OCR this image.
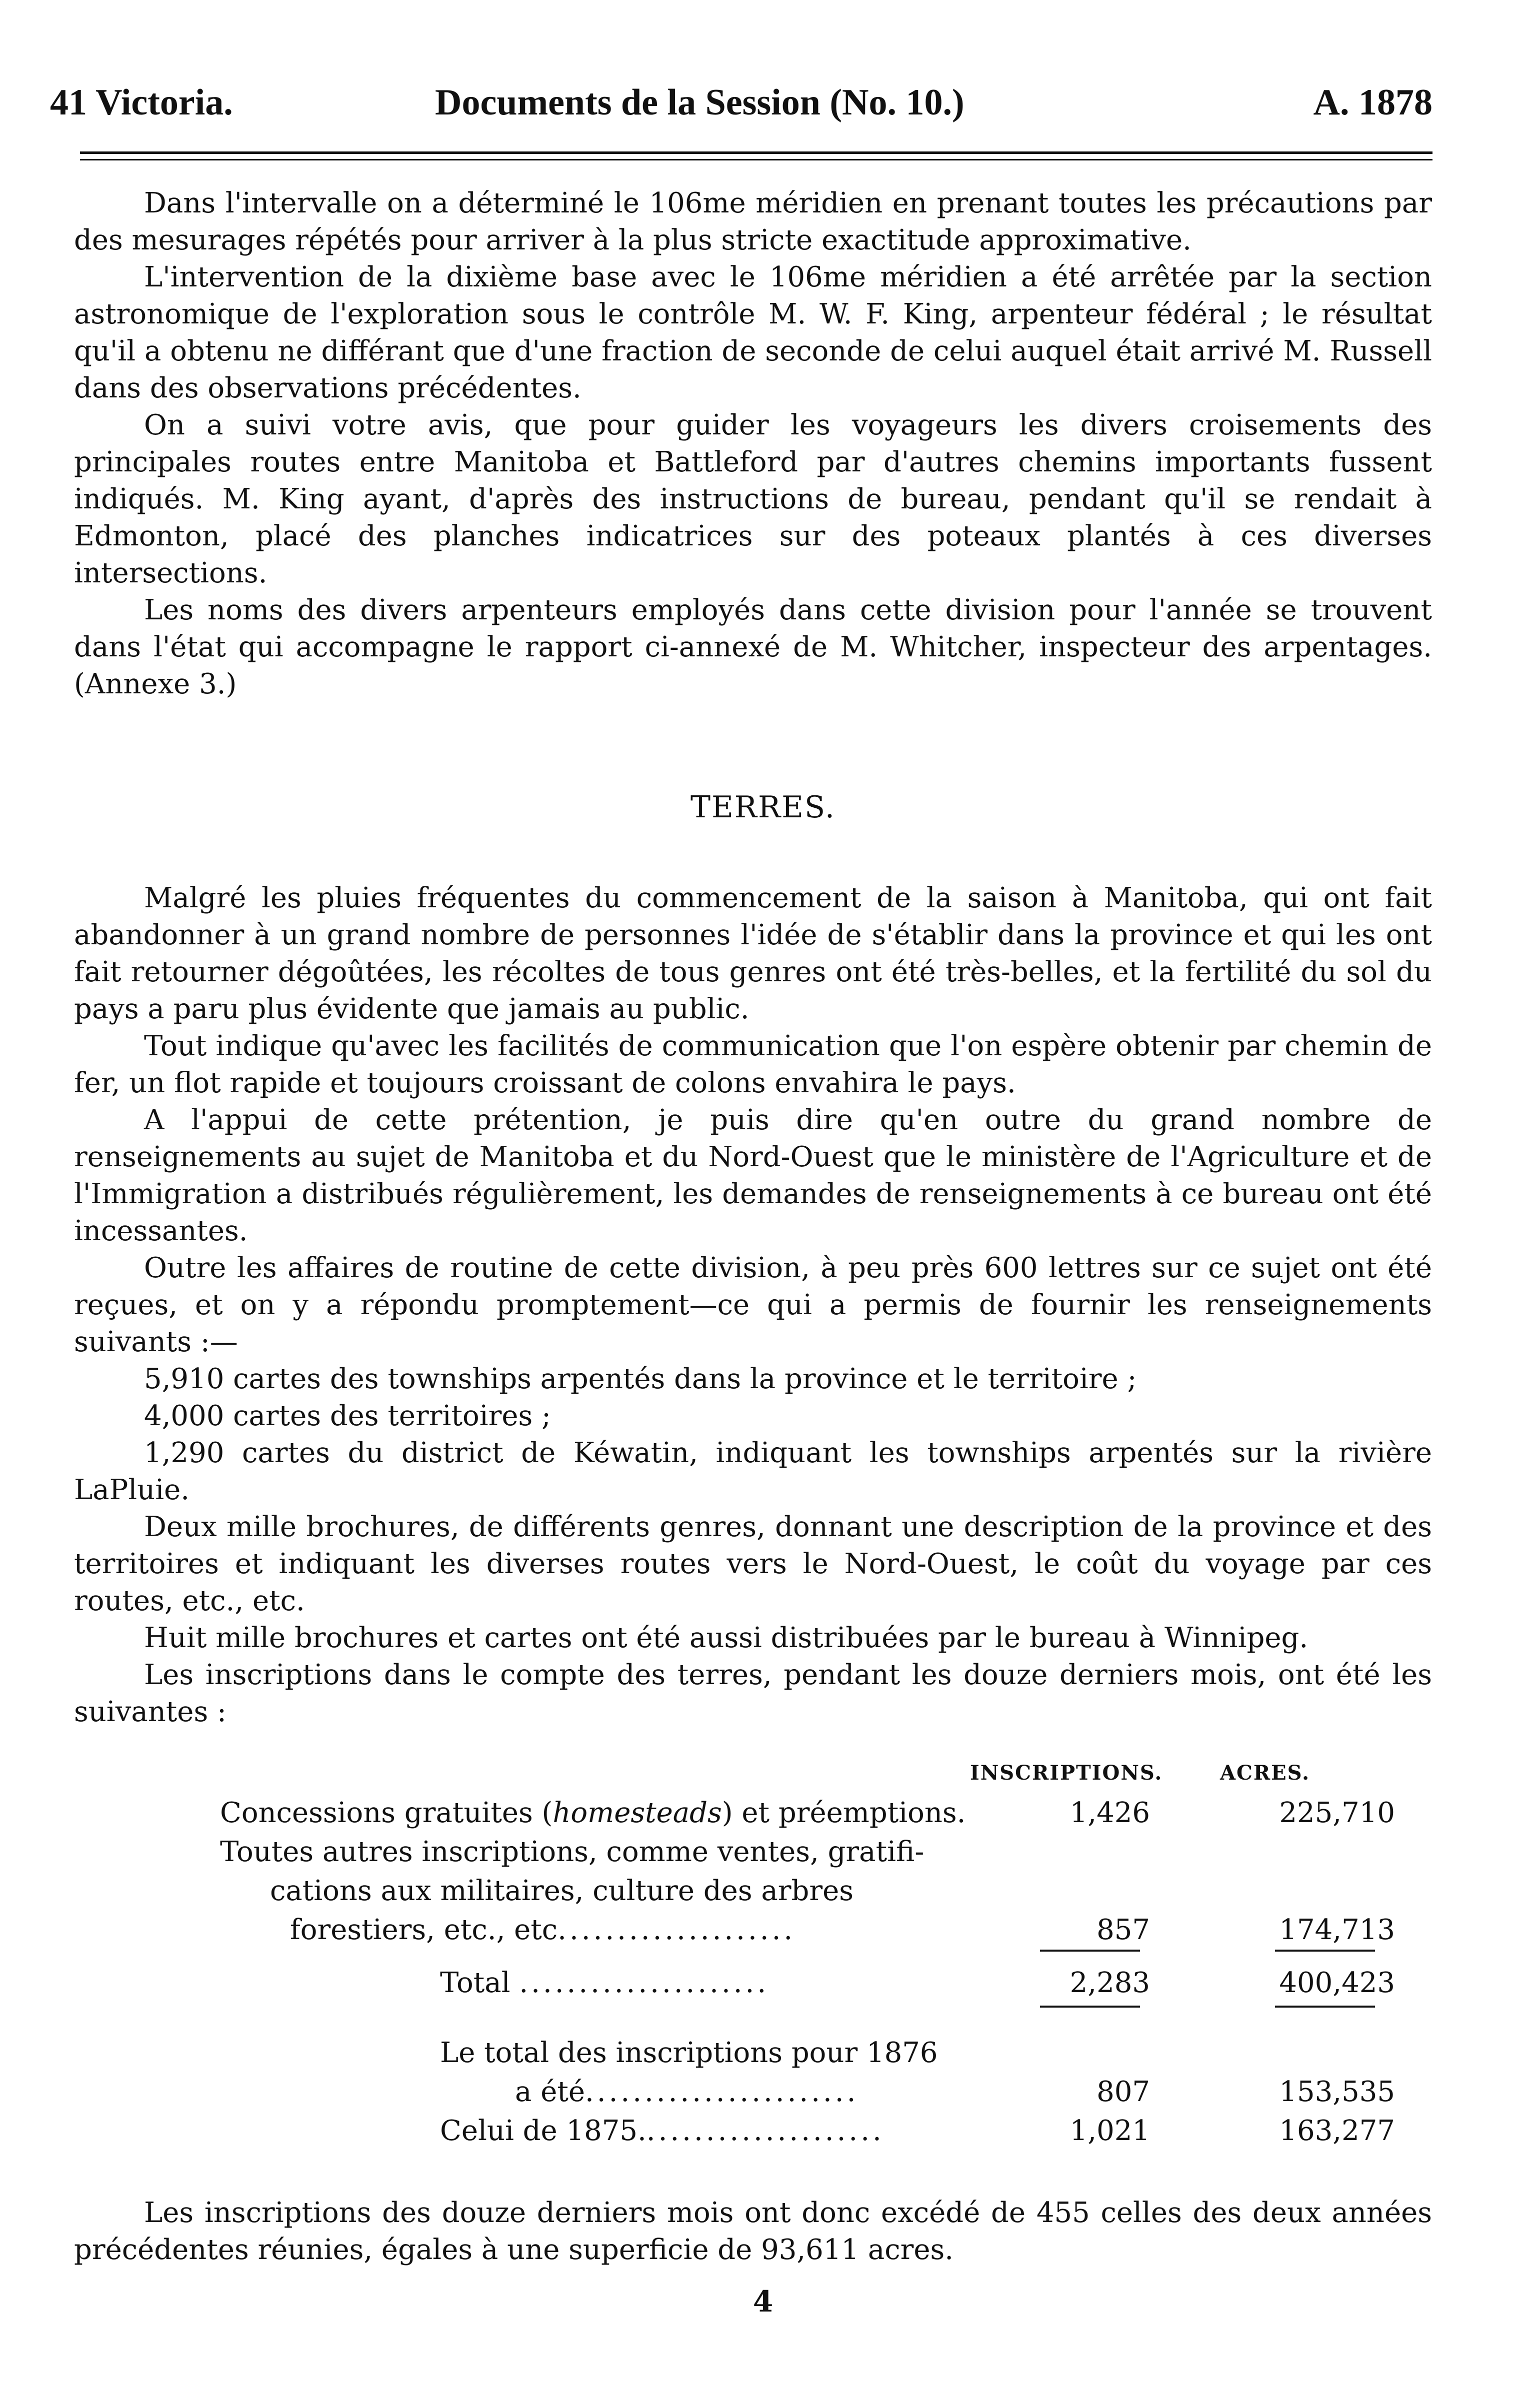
41 Victoria.	Documents de la Session (No. 10.)	A. 1878

Dans l'intervalle on a déterminé le 106me méridien en prenant toutes les précautions par des mesurages répétés pour arriver à la plus stricte exactitude approximative.

L'intervention de la dixième base avec le 106me méridien a été arrêtée par la section astronomique de l'exploration sous le contrôle M. W. F. King, arpenteur fédéral ; le résultat qu'il a obtenu ne différant que d'une fraction de seconde de celui auquel était arrivé M. Russell dans des observations précédentes.

On a suivi votre avis, que pour guider les voyageurs les divers croisements des principales routes entre Manitoba et Battleford par d'autres chemins importants fussent indiqués. M. King ayant, d'après des instructions de bureau, pendant qu'il se rendait à Edmonton, placé des planches indicatrices sur des poteaux plantés à ces diverses intersections.

Les noms des divers arpenteurs employés dans cette division pour l'année se trouvent dans l'état qui accompagne le rapport ci-annexé de M. Whitcher, inspecteur des arpentages. (Annexe 3.)

TERRES.

Malgré les pluies fréquentes du commencement de la saison à Manitoba, qui ont fait abandonner à un grand nombre de personnes l'idée de s'établir dans la province et qui les ont fait retourner dégoûtées, les récoltes de tous genres ont été très-belles, et la fertilité du sol du pays a paru plus évidente que jamais au public.

Tout indique qu'avec les facilités de communication que l'on espère obtenir par chemin de fer, un flot rapide et toujours croissant de colons envahira le pays.

A l'appui de cette prétention, je puis dire qu'en outre du grand nombre de renseignements au sujet de Manitoba et du Nord-Ouest que le ministère de l'Agriculture et de l'Immigration a distribués régulièrement, les demandes de renseignements à ce bureau ont été incessantes.

Outre les affaires de routine de cette division, à peu près 600 lettres sur ce sujet ont été reçues, et on y a répondu promptement—ce qui a permis de fournir les renseignements suivants :—

5,910 cartes des townships arpentés dans la province et le territoire ;

4,000 cartes des territoires ;

1,290 cartes du district de Kéwatin, indiquant les townships arpentés sur la rivière LaPluie.

Deux mille brochures, de différents genres, donnant une description de la province et des territoires et indiquant les diverses routes vers le Nord-Ouest, le coût du voyage par ces routes, etc., etc.

Huit mille brochures et cartes ont été aussi distribuées par le bureau à Winnipeg.

Les inscriptions dans le compte des terres, pendant les douze derniers mois, ont été les suivantes :

INSCRIPTIONS.	ACRES.
Concessions gratuites (homesteads) et préemptions.	1,426	225,710
Toutes autres inscriptions, comme ventes, gratifi-
cations aux militaires, culture des arbres
forestiers, etc., etc....................	857	174,713
Total .....................	2,283	400,423
Le total des inscriptions pour 1876
a été.......................	807	153,535
Celui de 1875.....................	1,021	163,277

Les inscriptions des douze derniers mois ont donc excédé de 455 celles des deux années précédentes réunies, égales à une superficie de 93,611 acres.

4
